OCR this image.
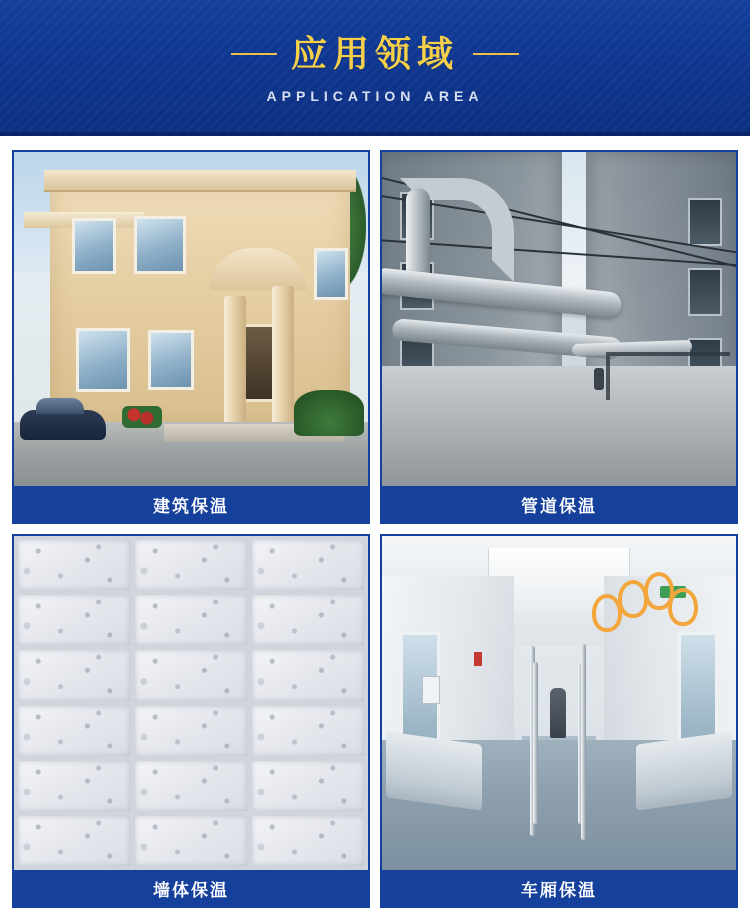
应用领域
APPLICATION AREA
建筑保温	管道保温
墙体保温	车厢保温
